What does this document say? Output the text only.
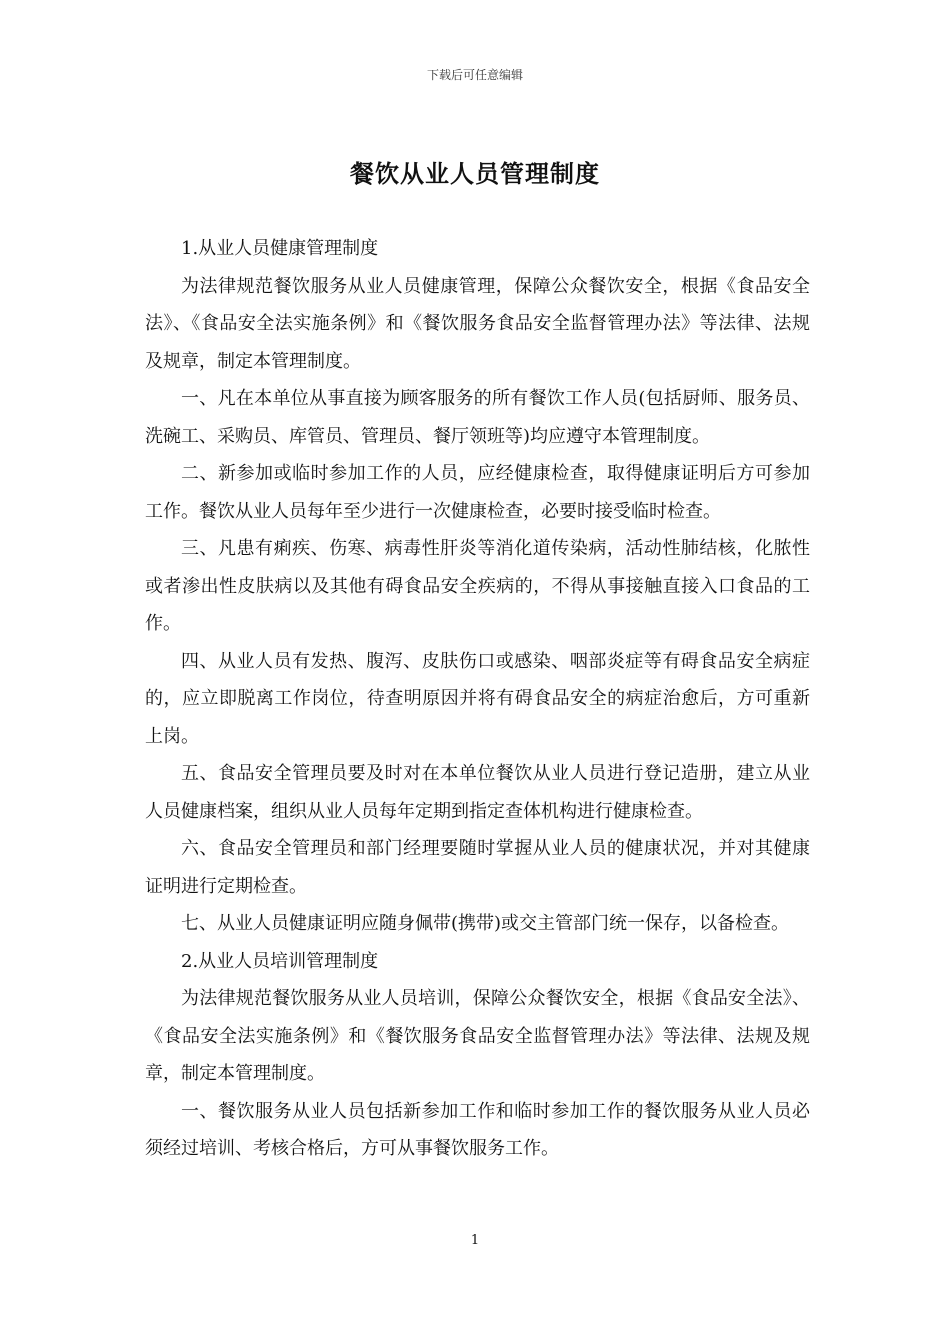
下载后可任意编辑
餐饮从业人员管理制度

1.从业人员健康管理制度

为法律规范餐饮服务从业人员健康管理，保障公众餐饮安全，根据《食品安全法》、《食品安全法实施条例》和《餐饮服务食品安全监督管理办法》等法律、法规及规章，制定本管理制度。

一、凡在本单位从事直接为顾客服务的所有餐饮工作人员(包括厨师、服务员、洗碗工、采购员、库管员、管理员、餐厅领班等)均应遵守本管理制度。

二、新参加或临时参加工作的人员，应经健康检查，取得健康证明后方可参加工作。餐饮从业人员每年至少进行一次健康检查，必要时接受临时检查。

三、凡患有痢疾、伤寒、病毒性肝炎等消化道传染病，活动性肺结核，化脓性或者渗出性皮肤病以及其他有碍食品安全疾病的，不得从事接触直接入口食品的工作。

四、从业人员有发热、腹泻、皮肤伤口或感染、咽部炎症等有碍食品安全病症的，应立即脱离工作岗位，待查明原因并将有碍食品安全的病症治愈后，方可重新上岗。

五、食品安全管理员要及时对在本单位餐饮从业人员进行登记造册，建立从业人员健康档案，组织从业人员每年定期到指定查体机构进行健康检查。

六、食品安全管理员和部门经理要随时掌握从业人员的健康状况，并对其健康证明进行定期检查。

七、从业人员健康证明应随身佩带(携带)或交主管部门统一保存，以备检查。

2.从业人员培训管理制度

为法律规范餐饮服务从业人员培训，保障公众餐饮安全，根据《食品安全法》、《食品安全法实施条例》和《餐饮服务食品安全监督管理办法》等法律、法规及规章，制定本管理制度。

一、餐饮服务从业人员包括新参加工作和临时参加工作的餐饮服务从业人员必须经过培训、考核合格后，方可从事餐饮服务工作。

1
